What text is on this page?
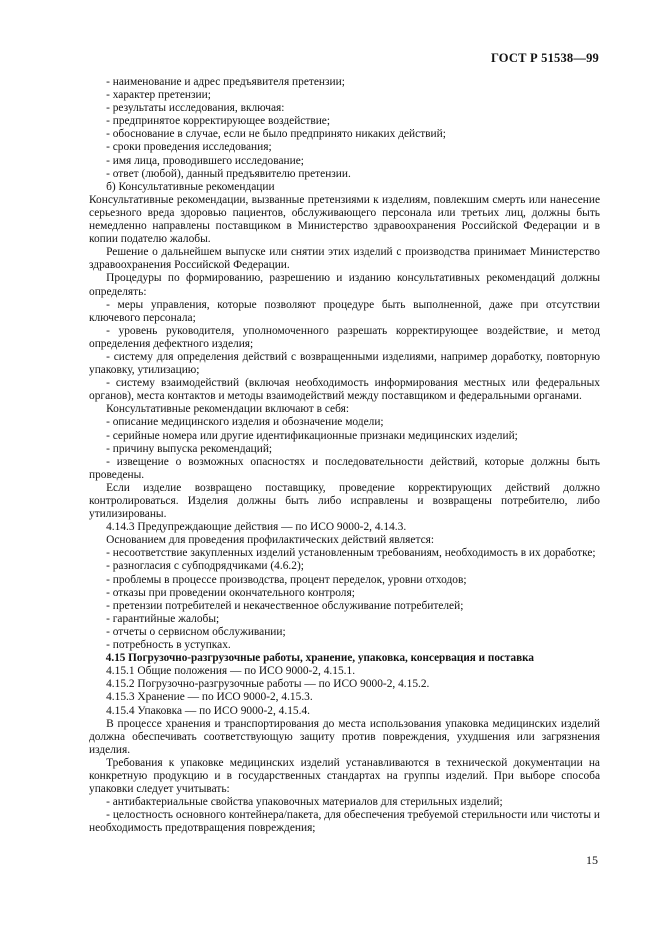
ГОСТ Р 51538—99

- наименование и адрес предъявителя претензии;

- характер претензии;

- результаты исследования, включая:

- предпринятое корректирующее воздействие;

- обоснование в случае, если не было предпринято никаких действий;

- сроки проведения исследования;

- имя лица, проводившего исследование;

- ответ (любой), данный предъявителю претензии.

б) Консультативные рекомендации

Консультативные рекомендации, вызванные претензиями к изделиям, повлекшим смерть или нанесение серьезного вреда здоровью пациентов, обслуживающего персонала или третьих лиц, должны быть немедленно направлены поставщиком в Министерство здравоохранения Российской Федерации и в копии подателю жалобы.

Решение о дальнейшем выпуске или снятии этих изделий с производства принимает Министерство здравоохранения Российской Федерации.

Процедуры по формированию, разрешению и изданию консультативных рекомендаций должны определять:

- меры управления, которые позволяют процедуре быть выполненной, даже при отсутствии ключевого персонала;

- уровень руководителя, уполномоченного разрешать корректирующее воздействие, и метод определения дефектного изделия;

- систему для определения действий с возвращенными изделиями, например доработку, повторную упаковку, утилизацию;

- систему взаимодействий (включая необходимость информирования местных или федеральных органов), места контактов и методы взаимодействий между поставщиком и федеральными органами.

Консультативные рекомендации включают в себя:

- описание медицинского изделия и обозначение модели;

- серийные номера или другие идентификационные признаки медицинских изделий;

- причину выпуска рекомендаций;

- извещение о возможных опасностях и последовательности действий, которые должны быть проведены.

Если изделие возвращено поставщику, проведение корректирующих действий должно контролироваться. Изделия должны быть либо исправлены и возвращены потребителю, либо утилизированы.

4.14.3 Предупреждающие действия — по ИСО 9000-2, 4.14.3.

Основанием для проведения профилактических действий является:

- несоответствие закупленных изделий установленным требованиям, необходимость в их доработке;

- разногласия с субподрядчиками (4.6.2);

- проблемы в процессе производства, процент переделок, уровни отходов;

- отказы при проведении окончательного контроля;

- претензии потребителей и некачественное обслуживание потребителей;

- гарантийные жалобы;

- отчеты о сервисном обслуживании;

- потребность в уступках.

4.15 Погрузочно-разгрузочные работы, хранение, упаковка, консервация и поставка

4.15.1 Общие положения — по ИСО 9000-2, 4.15.1.

4.15.2 Погрузочно-разгрузочные работы — по ИСО 9000-2, 4.15.2.

4.15.3 Хранение — по ИСО 9000-2, 4.15.3.

4.15.4 Упаковка — по ИСО 9000-2, 4.15.4.

В процессе хранения и транспортирования до места использования упаковка медицинских изделий должна обеспечивать соответствующую защиту против повреждения, ухудшения или загрязнения изделия.

Требования к упаковке медицинских изделий устанавливаются в технической документации на конкретную продукцию и в государственных стандартах на группы изделий. При выборе способа упаковки следует учитывать:

- антибактериальные свойства упаковочных материалов для стерильных изделий;

- целостность основного контейнера/пакета, для обеспечения требуемой стерильности или чистоты и необходимость предотвращения повреждения;

15
